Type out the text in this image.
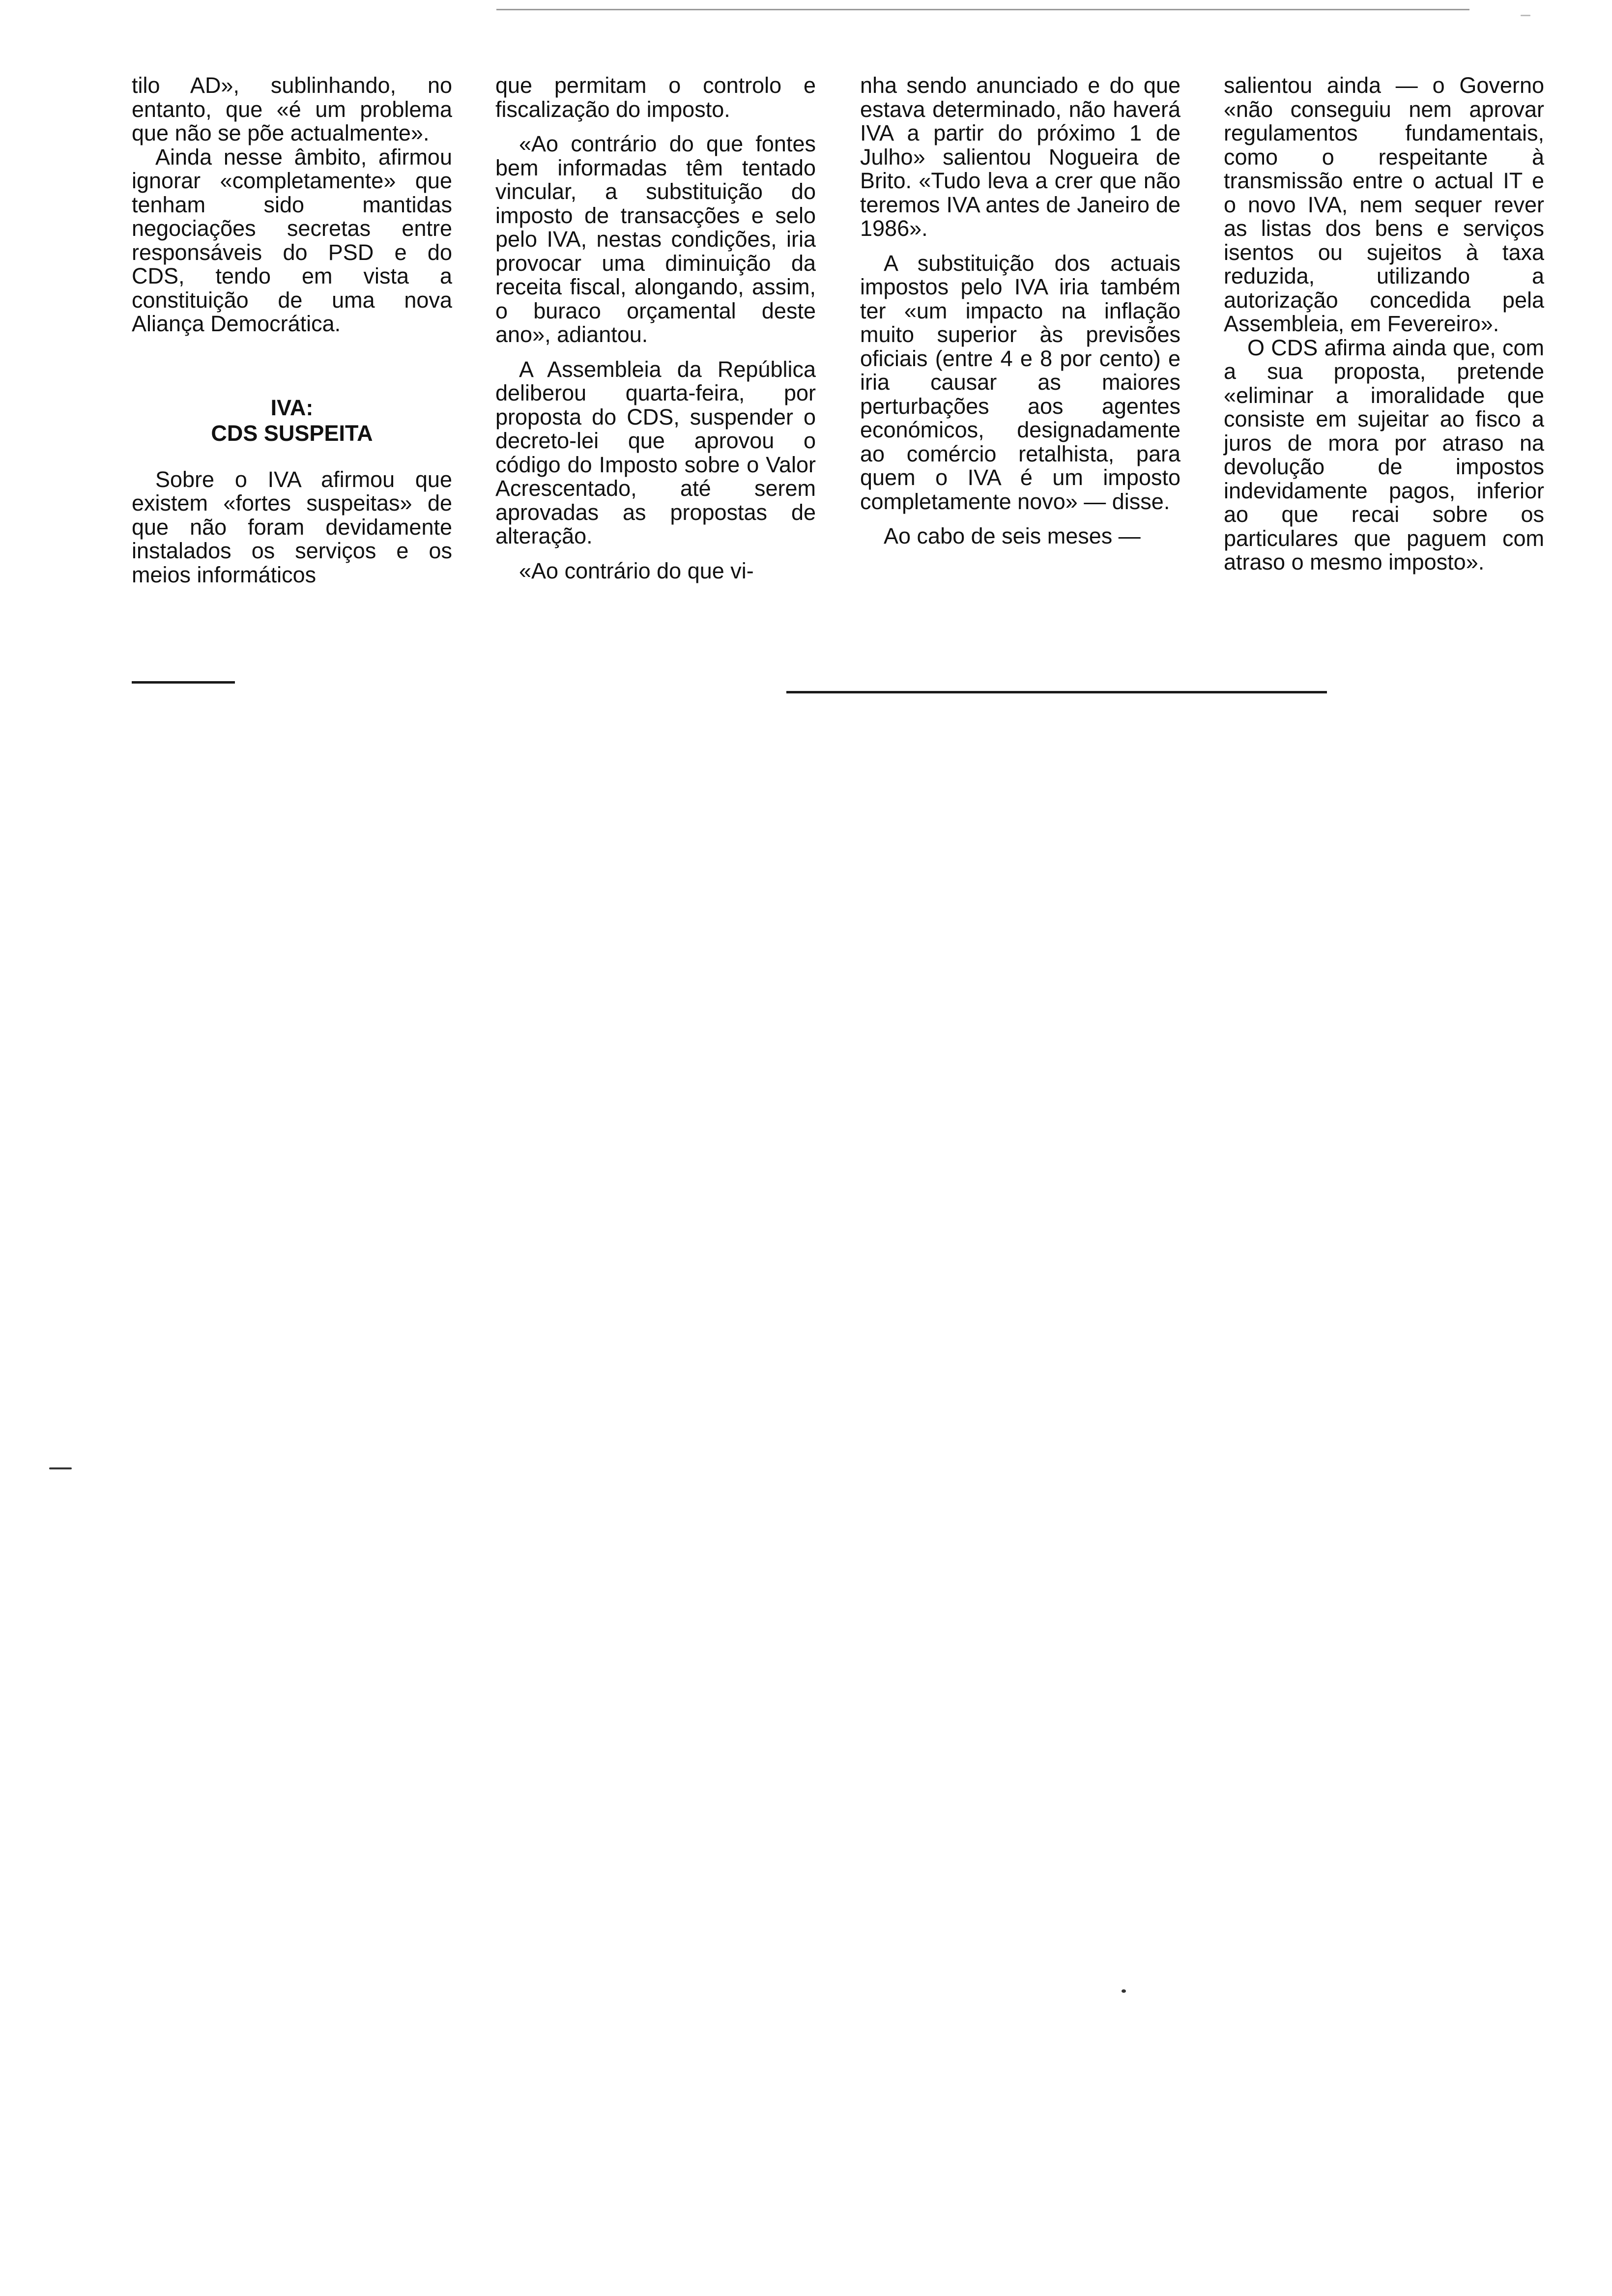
tilo AD», sublinhando, no entanto, que «é um problema que não se põe actualmente».

Ainda nesse âmbito, afirmou ignorar «completamente» que tenham sido mantidas negociações secretas entre responsáveis do PSD e do CDS, tendo em vista a constituição de uma nova Aliança Democrática.

IVA:
CDS SUSPEITA

Sobre o IVA afirmou que existem «fortes suspeitas» de que não foram devidamente instalados os serviços e os meios informáticos

que permitam o controlo e fiscalização do imposto.

«Ao contrário do que fontes bem informadas têm tentado vincular, a substituição do imposto de transacções e selo pelo IVA, nestas condições, iria provocar uma diminuição da receita fiscal, alongando, assim, o buraco orçamental deste ano», adiantou.

A Assembleia da República deliberou quarta-feira, por proposta do CDS, suspender o decreto-lei que aprovou o código do Imposto sobre o Valor Acrescentado, até serem aprovadas as propostas de alteração.

«Ao contrário do que vi-

nha sendo anunciado e do que estava determinado, não haverá IVA a partir do próximo 1 de Julho» salientou Nogueira de Brito. «Tudo leva a crer que não teremos IVA antes de Janeiro de 1986».

A substituição dos actuais impostos pelo IVA iria também ter «um impacto na inflação muito superior às previsões oficiais (entre 4 e 8 por cento) e iria causar as maiores perturbações aos agentes económicos, designadamente ao comércio retalhista, para quem o IVA é um imposto completamente novo» — disse.

Ao cabo de seis meses —

salientou ainda — o Governo «não conseguiu nem aprovar regulamentos fundamentais, como o respeitante à transmissão entre o actual IT e o novo IVA, nem sequer rever as listas dos bens e serviços isentos ou sujeitos à taxa reduzida, utilizando a autorização concedida pela Assembleia, em Fevereiro».

O CDS afirma ainda que, com a sua proposta, pretende «eliminar a imoralidade que consiste em sujeitar ao fisco a juros de mora por atraso na devolução de impostos indevidamente pagos, inferior ao que recai sobre os particulares que paguem com atraso o mesmo imposto».
